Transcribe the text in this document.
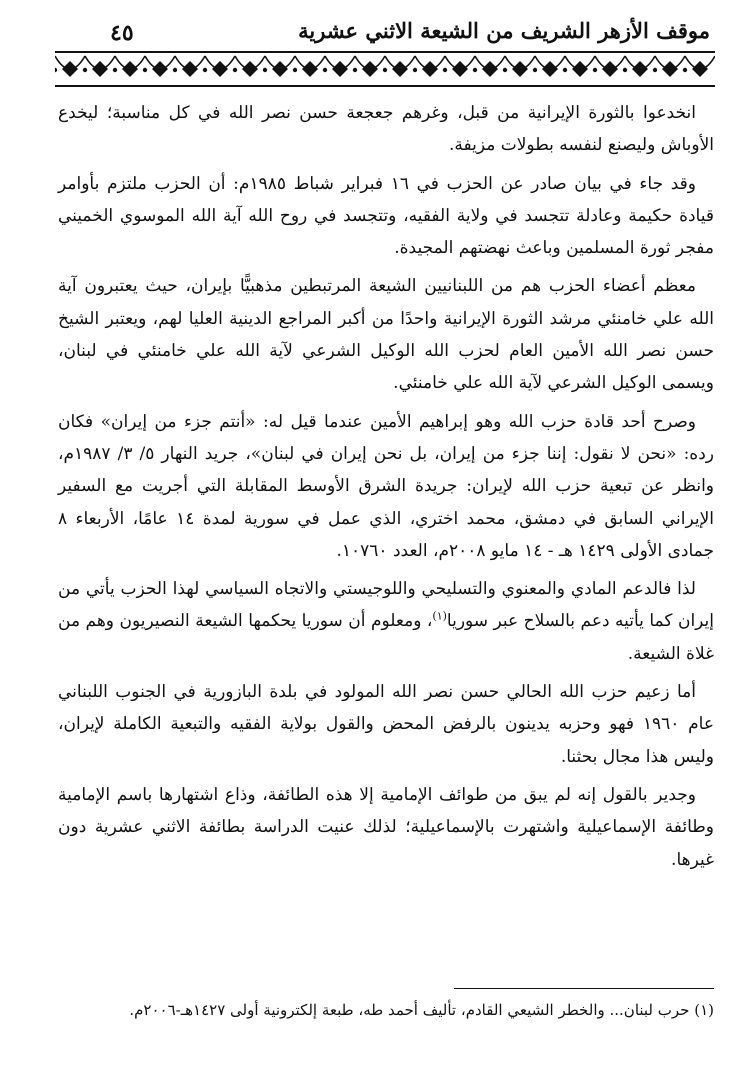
موقف الأزهر الشريف من الشيعة الاثني عشرية
٤٥

انخدعوا بالثورة الإيرانية من قبل، وغرهم جعجعة حسن نصر الله في كل مناسبة؛ ليخدع الأوباش وليصنع لنفسه بطولات مزيفة.

وقد جاء في بيان صادر عن الحزب في ١٦ فبراير شباط ١٩٨٥م: أن الحزب ملتزم بأوامر قيادة حكيمة وعادلة تتجسد في ولاية الفقيه، وتتجسد في روح الله آية الله الموسوي الخميني مفجر ثورة المسلمين وباعث نهضتهم المجيدة.

معظم أعضاء الحزب هم من اللبنانيين الشيعة المرتبطين مذهبيًّا بإيران، حيث يعتبرون آية الله علي خامنئي مرشد الثورة الإيرانية واحدًا من أكبر المراجع الدينية العليا لهم، ويعتبر الشيخ حسن نصر الله الأمين العام لحزب الله الوكيل الشرعي لآية الله علي خامنئي في لبنان، ويسمى الوكيل الشرعي لآية الله علي خامنئي.

وصرح أحد قادة حزب الله وهو إبراهيم الأمين عندما قيل له: «أنتم جزء من إيران» فكان رده: «نحن لا نقول: إننا جزء من إيران، بل نحن إيران في لبنان»، جريد النهار ٥/ ٣/ ١٩٨٧م، وانظر عن تبعية حزب الله لإيران: جريدة الشرق الأوسط المقابلة التي أجريت مع السفير الإيراني السابق في دمشق، محمد اختري، الذي عمل في سورية لمدة ١٤ عامًا، الأربعاء ٨ جمادى الأولى ١٤٢٩ هـ - ١٤ مايو ٢٠٠٨م، العدد ١٠٧٦٠.

لذا فالدعم المادي والمعنوي والتسليحي واللوجيستي والاتجاه السياسي لهذا الحزب يأتي من إيران كما يأتيه دعم بالسلاح عبر سوريا$^{(١)}$، ومعلوم أن سوريا يحكمها الشيعة النصيريون وهم من غلاة الشيعة.

أما زعيم حزب الله الحالي حسن نصر الله المولود في بلدة البازورية في الجنوب اللبناني عام ١٩٦٠ فهو وحزبه يدينون بالرفض المحض والقول بولاية الفقيه والتبعية الكاملة لإيران، وليس هذا مجال بحثنا.

وجدير بالقول إنه لم يبق من طوائف الإمامية إلا هذه الطائفة، وذاع اشتهارها باسم الإمامية وطائفة الإسماعيلية واشتهرت بالإسماعيلية؛ لذلك عنيت الدراسة بطائفة الاثني عشرية دون غيرها.

(١) حرب لبنان... والخطر الشيعي القادم، تأليف أحمد طه، طبعة إلكترونية أولى ١٤٢٧هـ-٢٠٠٦م.
